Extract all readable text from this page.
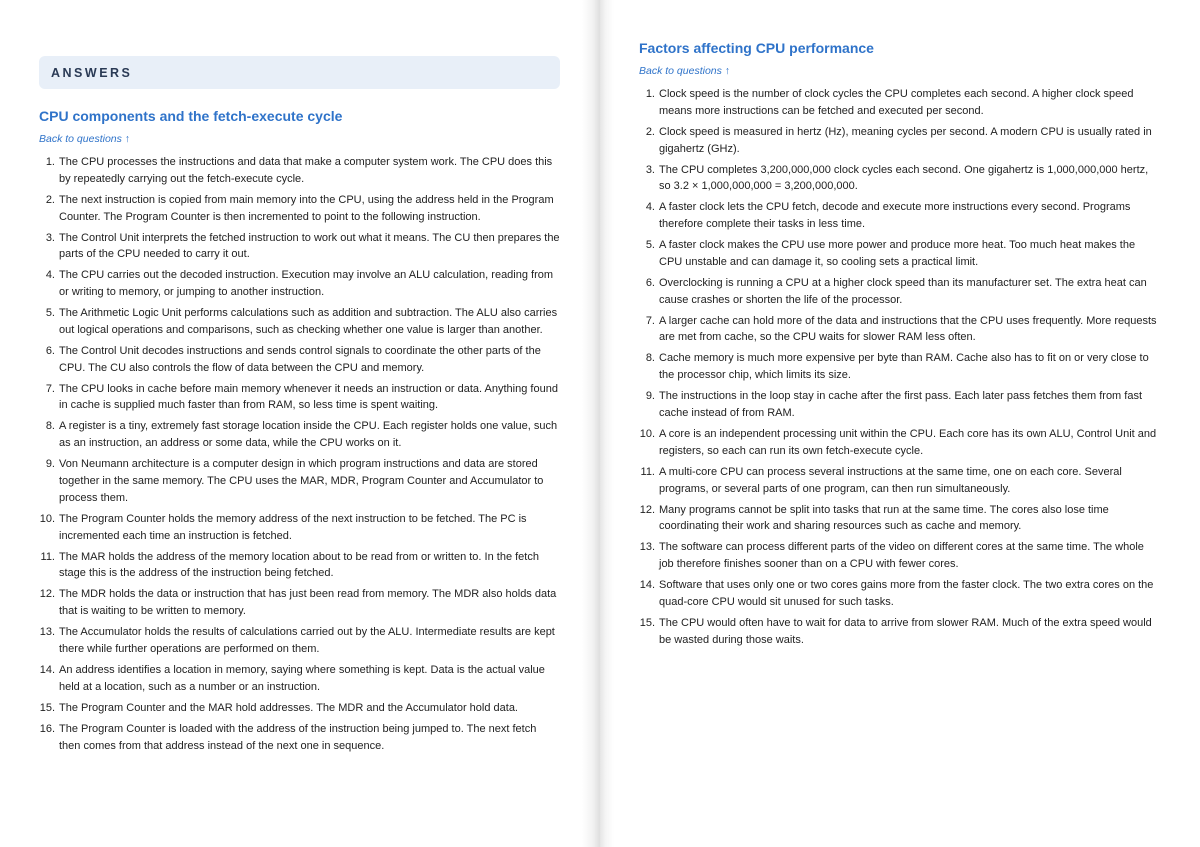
ANSWERS
CPU components and the fetch-execute cycle
Back to questions ↑
1. The CPU processes the instructions and data that make a computer system work. The CPU does this by repeatedly carrying out the fetch-execute cycle.
2. The next instruction is copied from main memory into the CPU, using the address held in the Program Counter. The Program Counter is then incremented to point to the following instruction.
3. The Control Unit interprets the fetched instruction to work out what it means. The CU then prepares the parts of the CPU needed to carry it out.
4. The CPU carries out the decoded instruction. Execution may involve an ALU calculation, reading from or writing to memory, or jumping to another instruction.
5. The Arithmetic Logic Unit performs calculations such as addition and subtraction. The ALU also carries out logical operations and comparisons, such as checking whether one value is larger than another.
6. The Control Unit decodes instructions and sends control signals to coordinate the other parts of the CPU. The CU also controls the flow of data between the CPU and memory.
7. The CPU looks in cache before main memory whenever it needs an instruction or data. Anything found in cache is supplied much faster than from RAM, so less time is spent waiting.
8. A register is a tiny, extremely fast storage location inside the CPU. Each register holds one value, such as an instruction, an address or some data, while the CPU works on it.
9. Von Neumann architecture is a computer design in which program instructions and data are stored together in the same memory. The CPU uses the MAR, MDR, Program Counter and Accumulator to process them.
10. The Program Counter holds the memory address of the next instruction to be fetched. The PC is incremented each time an instruction is fetched.
11. The MAR holds the address of the memory location about to be read from or written to. In the fetch stage this is the address of the instruction being fetched.
12. The MDR holds the data or instruction that has just been read from memory. The MDR also holds data that is waiting to be written to memory.
13. The Accumulator holds the results of calculations carried out by the ALU. Intermediate results are kept there while further operations are performed on them.
14. An address identifies a location in memory, saying where something is kept. Data is the actual value held at a location, such as a number or an instruction.
15. The Program Counter and the MAR hold addresses. The MDR and the Accumulator hold data.
16. The Program Counter is loaded with the address of the instruction being jumped to. The next fetch then comes from that address instead of the next one in sequence.
Factors affecting CPU performance
Back to questions ↑
1. Clock speed is the number of clock cycles the CPU completes each second. A higher clock speed means more instructions can be fetched and executed per second.
2. Clock speed is measured in hertz (Hz), meaning cycles per second. A modern CPU is usually rated in gigahertz (GHz).
3. The CPU completes 3,200,000,000 clock cycles each second. One gigahertz is 1,000,000,000 hertz, so 3.2 × 1,000,000,000 = 3,200,000,000.
4. A faster clock lets the CPU fetch, decode and execute more instructions every second. Programs therefore complete their tasks in less time.
5. A faster clock makes the CPU use more power and produce more heat. Too much heat makes the CPU unstable and can damage it, so cooling sets a practical limit.
6. Overclocking is running a CPU at a higher clock speed than its manufacturer set. The extra heat can cause crashes or shorten the life of the processor.
7. A larger cache can hold more of the data and instructions that the CPU uses frequently. More requests are met from cache, so the CPU waits for slower RAM less often.
8. Cache memory is much more expensive per byte than RAM. Cache also has to fit on or very close to the processor chip, which limits its size.
9. The instructions in the loop stay in cache after the first pass. Each later pass fetches them from fast cache instead of from RAM.
10. A core is an independent processing unit within the CPU. Each core has its own ALU, Control Unit and registers, so each can run its own fetch-execute cycle.
11. A multi-core CPU can process several instructions at the same time, one on each core. Several programs, or several parts of one program, can then run simultaneously.
12. Many programs cannot be split into tasks that run at the same time. The cores also lose time coordinating their work and sharing resources such as cache and memory.
13. The software can process different parts of the video on different cores at the same time. The whole job therefore finishes sooner than on a CPU with fewer cores.
14. Software that uses only one or two cores gains more from the faster clock. The two extra cores on the quad-core CPU would sit unused for such tasks.
15. The CPU would often have to wait for data to arrive from slower RAM. Much of the extra speed would be wasted during those waits.
